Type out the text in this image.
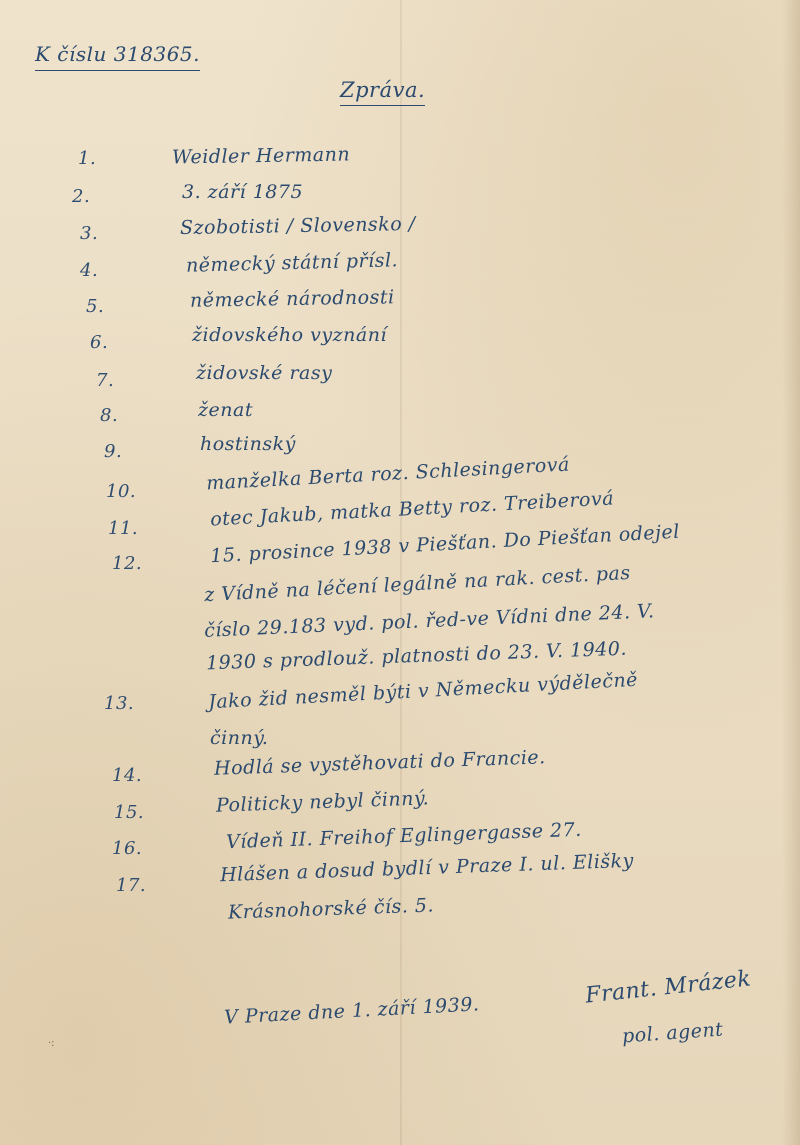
K číslu 318365.
Zpráva.
1.	Weidler Hermann
2.	3. září 1875
3.	Szobotisti / Slovensko /
4.	německý státní přísl.
5.	německé národnosti
6.	židovského vyznání
7.	židovské rasy
8.	ženat
9.	hostinský
10.	manželka Berta roz. Schlesingerová
11.	otec Jakub, matka Betty roz. Treiberová
12.	15. prosince 1938 v Piešťan. Do Piešťan odejel
z Vídně na léčení legálně na rak. cest. pas
číslo 29.183 vyd. pol. řed-ve Vídni dne 24. V.
1930 s prodlouž. platnosti do 23. V. 1940.
13.	Jako žid nesměl býti v Německu výdělečně
činný.
14.	Hodlá se vystěhovati do Francie.
15.	Politicky nebyl činný.
16.	Vídeň II. Freihof Eglingergasse 27.
17.	Hlášen a dosud bydlí v Praze I. ul. Elišky
Krásnohorské čís. 5.
V Praze dne 1. září 1939.
Frant. Mrázek
pol. agent
·:
